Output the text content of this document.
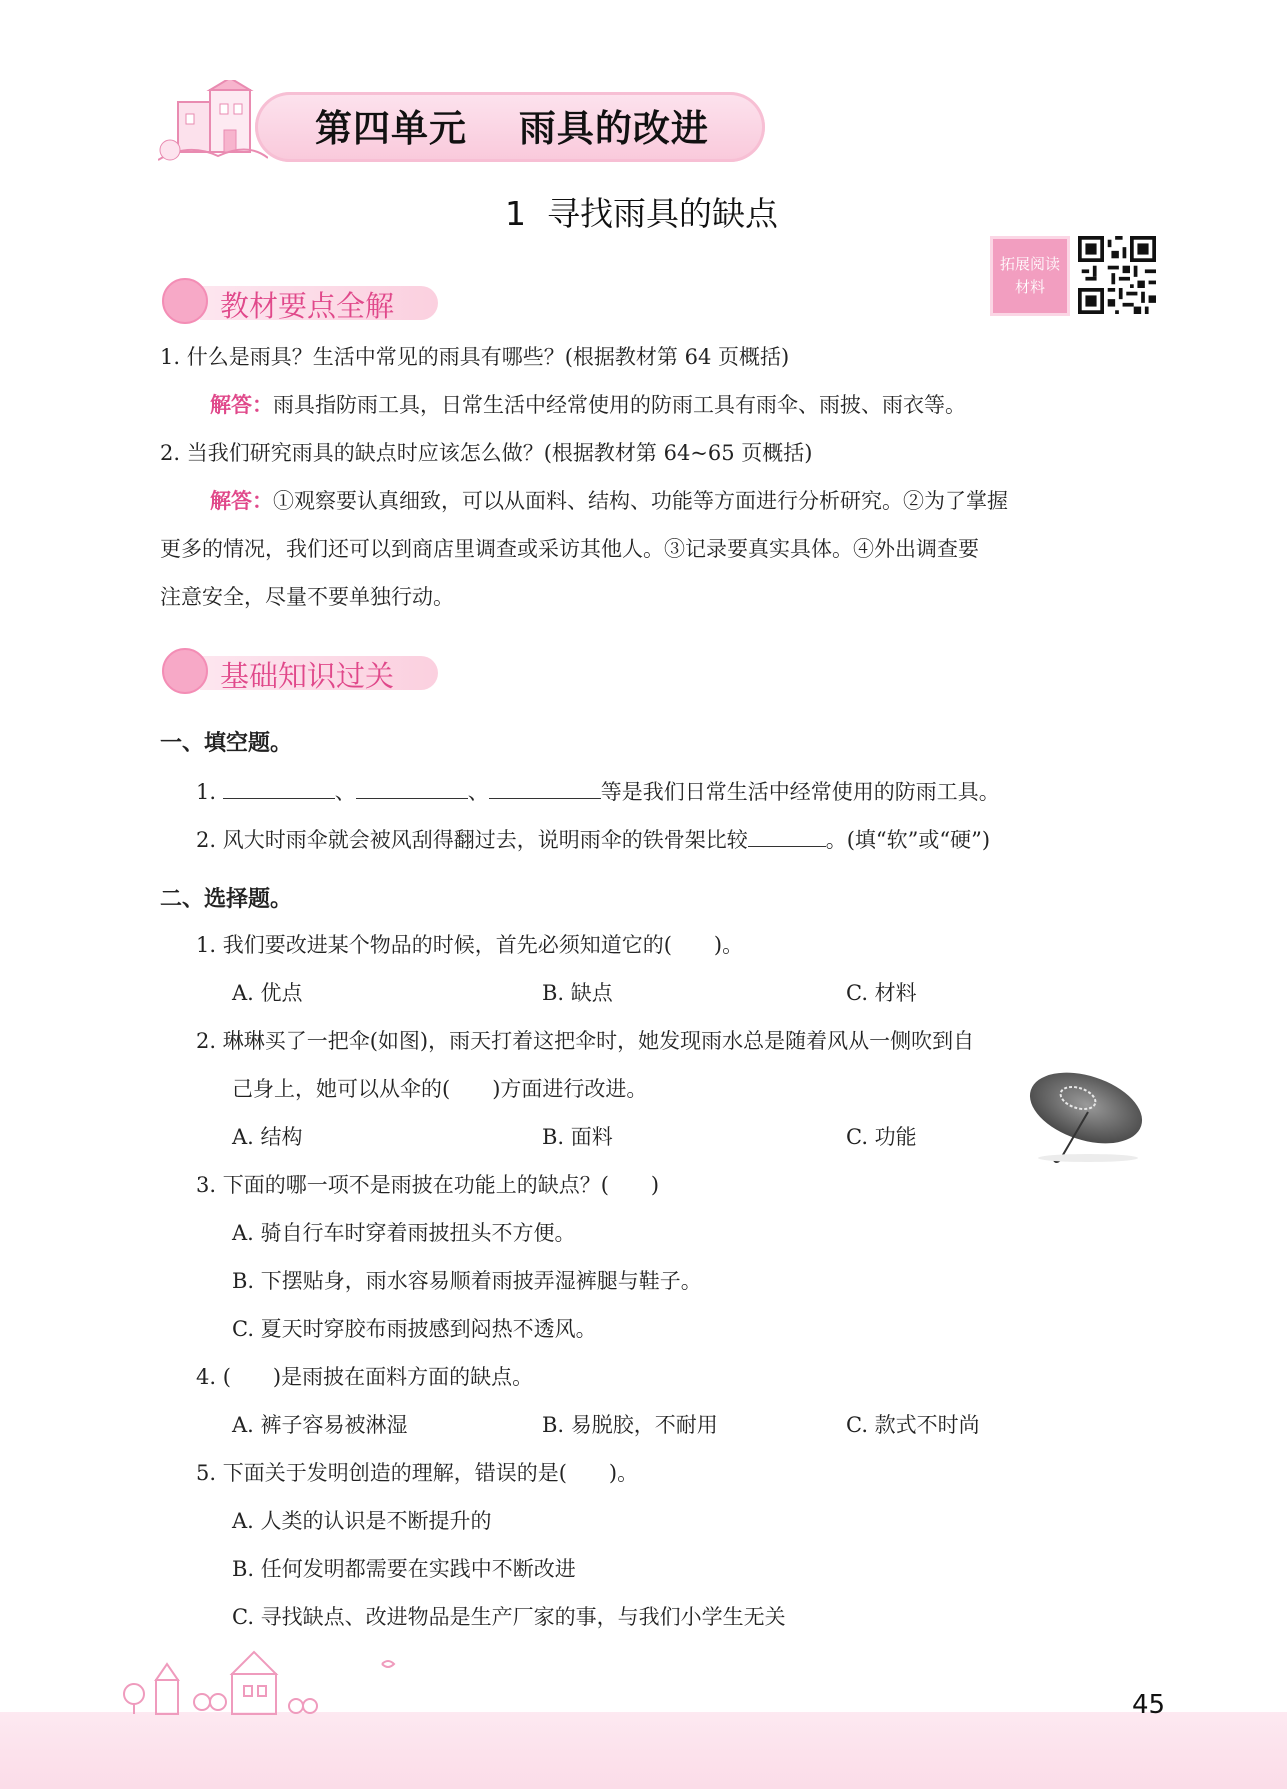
第四单元　 雨具的改进
1  寻找雨具的缺点
拓展阅读
材料
教材要点全解
1. 什么是雨具？生活中常见的雨具有哪些？(根据教材第 64 页概括)
解答：雨具指防雨工具，日常生活中经常使用的防雨工具有雨伞、雨披、雨衣等。
2. 当我们研究雨具的缺点时应该怎么做？(根据教材第 64~65 页概括)
解答：①观察要认真细致，可以从面料、结构、功能等方面进行分析研究。②为了掌握
更多的情况，我们还可以到商店里调查或采访其他人。③记录要真实具体。④外出调查要
注意安全，尽量不要单独行动。
基础知识过关
一、填空题。
1.	、	、	等是我们日常生活中经常使用的防雨工具。
2. 风大时雨伞就会被风刮得翻过去，说明雨伞的铁骨架比较	。(填“软”或“硬”)
二、选择题。
1. 我们要改进某个物品的时候，首先必须知道它的(　　)。
A. 优点	B. 缺点	C. 材料
2. 琳琳买了一把伞(如图)，雨天打着这把伞时，她发现雨水总是随着风从一侧吹到自
己身上，她可以从伞的(　　)方面进行改进。
A. 结构	B. 面料	C. 功能
3. 下面的哪一项不是雨披在功能上的缺点？(　　)
A. 骑自行车时穿着雨披扭头不方便。
B. 下摆贴身，雨水容易顺着雨披弄湿裤腿与鞋子。
C. 夏天时穿胶布雨披感到闷热不透风。
4. (　　)是雨披在面料方面的缺点。
A. 裤子容易被淋湿	B. 易脱胶，不耐用	C. 款式不时尚
5. 下面关于发明创造的理解，错误的是(　　)。
A. 人类的认识是不断提升的
B. 任何发明都需要在实践中不断改进
C. 寻找缺点、改进物品是生产厂家的事，与我们小学生无关
45
